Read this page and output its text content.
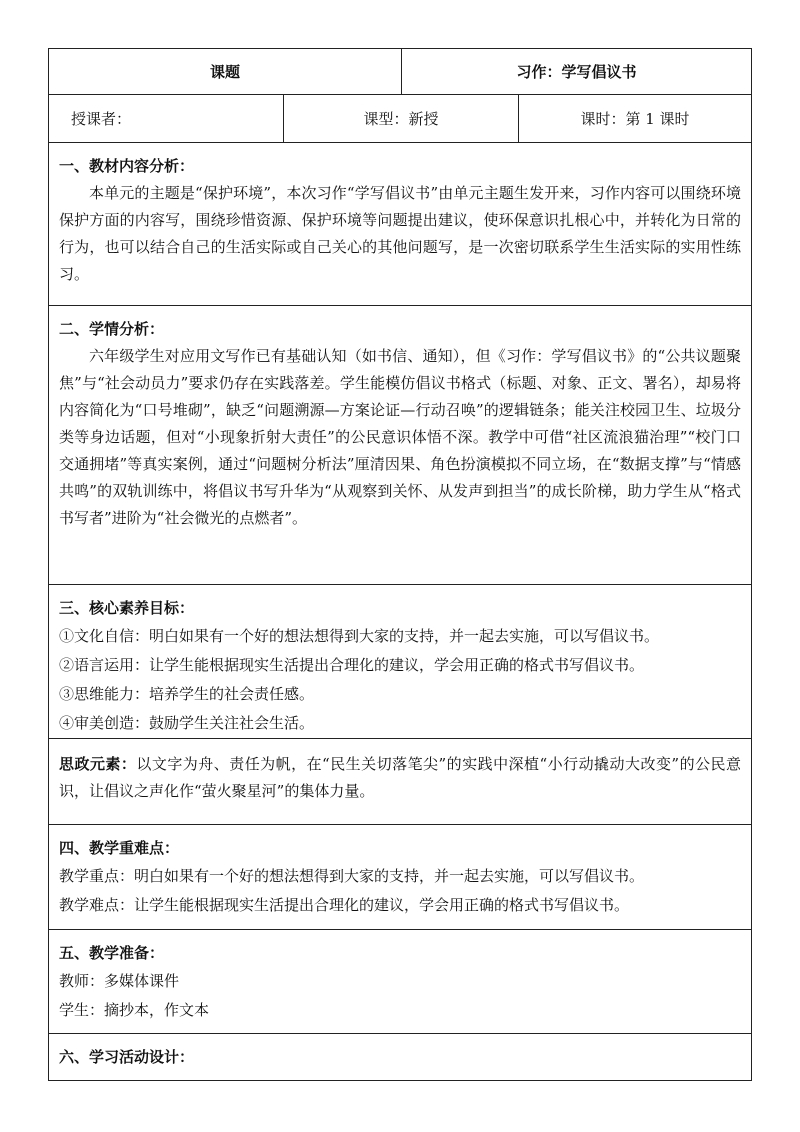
课题	习作：学写倡议书
授课者：	课型：新授	课时：第 1 课时
一、教材内容分析：

本单元的主题是“保护环境”，本次习作“学写倡议书”由单元主题生发开来，习作内容可以围绕环境保护方面的内容写，围绕珍惜资源、保护环境等问题提出建议，使环保意识扎根心中，并转化为日常的行为，也可以结合自己的生活实际或自己关心的其他问题写，是一次密切联系学生生活实际的实用性练习。

二、学情分析：

六年级学生对应用文写作已有基础认知（如书信、通知），但《习作：学写倡议书》的“公共议题聚焦”与“社会动员力”要求仍存在实践落差。学生能模仿倡议书格式（标题、对象、正文、署名），却易将内容简化为“口号堆砌”，缺乏“问题溯源—方案论证—行动召唤”的逻辑链条；能关注校园卫生、垃圾分类等身边话题，但对“小现象折射大责任”的公民意识体悟不深。教学中可借“社区流浪猫治理”“校门口交通拥堵”等真实案例，通过“问题树分析法”厘清因果、角色扮演模拟不同立场，在“数据支撑”与“情感共鸣”的双轨训练中，将倡议书写升华为“从观察到关怀、从发声到担当”的成长阶梯，助力学生从“格式书写者”进阶为“社会微光的点燃者”。

三、核心素养目标：
①文化自信：明白如果有一个好的想法想得到大家的支持，并一起去实施，可以写倡议书。
②语言运用：让学生能根据现实生活提出合理化的建议，学会用正确的格式书写倡议书。
③思维能力：培养学生的社会责任感。
④审美创造：鼓励学生关注社会生活。
思政元素：以文字为舟、责任为帆，在“民生关切落笔尖”的实践中深植“小行动撬动大改变”的公民意识，让倡议之声化作“萤火聚星河”的集体力量。
四、教学重难点：
教学重点：明白如果有一个好的想法想得到大家的支持，并一起去实施，可以写倡议书。
教学难点：让学生能根据现实生活提出合理化的建议，学会用正确的格式书写倡议书。
五、教学准备：
教师：多媒体课件
学生：摘抄本，作文本
六、学习活动设计：
